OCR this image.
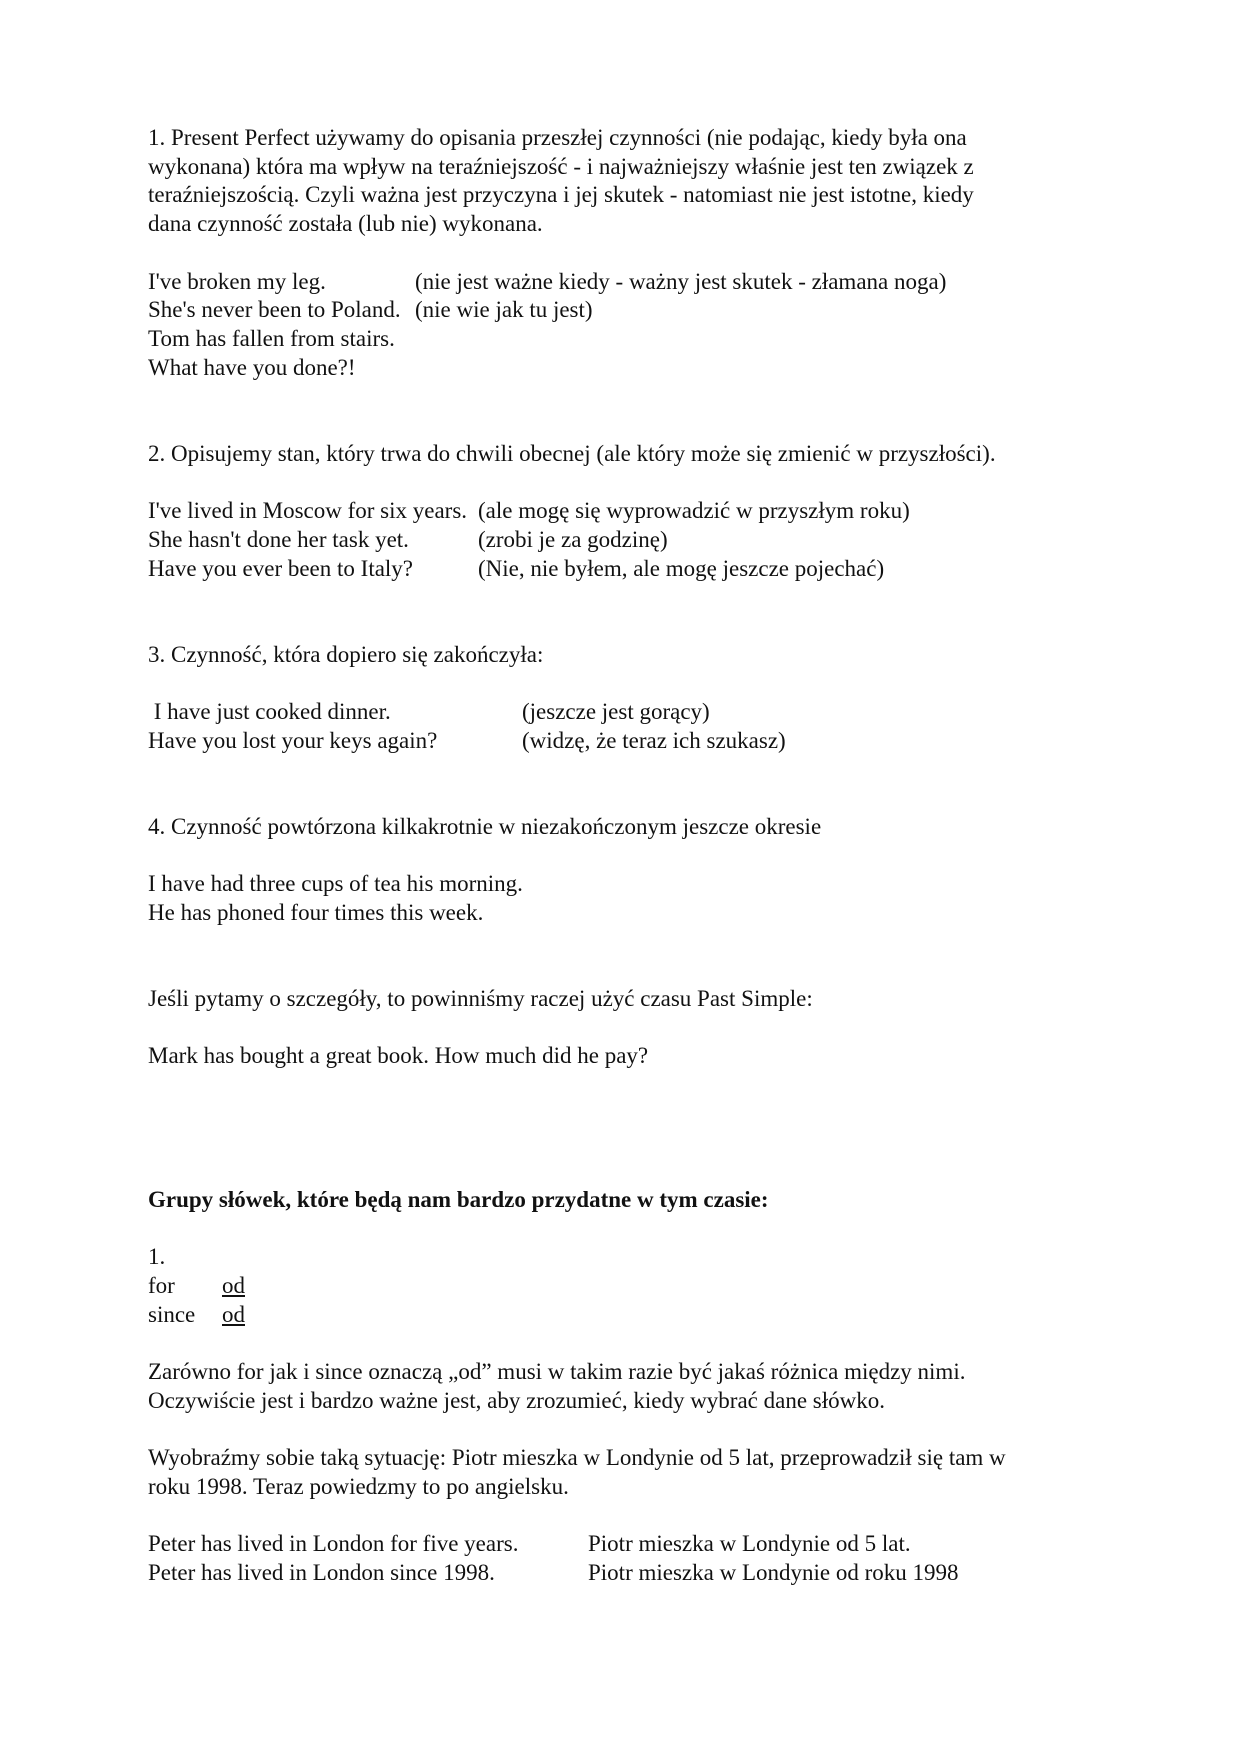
1. Present Perfect używamy do opisania przeszłej czynności (nie podając, kiedy była ona

wykonana) która ma wpływ na teraźniejszość - i najważniejszy właśnie jest ten związek z

teraźniejszością. Czyli ważna jest przyczyna i jej skutek - natomiast nie jest istotne, kiedy

dana czynność została (lub nie) wykonana.

I've broken my leg.	(nie jest ważne kiedy - ważny jest skutek - złamana noga)
She's never been to Poland. (nie wie jak tu jest)
Tom has fallen from stairs.
What have you done?!

2. Opisujemy stan, który trwa do chwili obecnej (ale który może się zmienić w przyszłości).

I've lived in Moscow for six years. (ale mogę się wyprowadzić w przyszłym roku)
She hasn't done her task yet.	(zrobi je za godzinę)
Have you ever been to Italy?	(Nie, nie byłem, ale mogę jeszcze pojechać)

3. Czynność, która dopiero się zakończyła:

I have just cooked dinner.	(jeszcze jest gorący)
Have you lost your keys again?	(widzę, że teraz ich szukasz)

4. Czynność powtórzona kilkakrotnie w niezakończonym jeszcze okresie

I have had three cups of tea his morning.

He has phoned four times this week.

Jeśli pytamy o szczegóły, to powinniśmy raczej użyć czasu Past Simple:

Mark has bought a great book. How much did he pay?

Grupy słówek, które będą nam bardzo przydatne w tym czasie:

1.

for od

since od

Zarówno for jak i since oznaczą „od” musi w takim razie być jakaś różnica między nimi.

Oczywiście jest i bardzo ważne jest, aby zrozumieć, kiedy wybrać dane słówko.

Wyobraźmy sobie taką sytuację: Piotr mieszka w Londynie od 5 lat, przeprowadził się tam w

roku 1998. Teraz powiedzmy to po angielsku.

Peter has lived in London for five years.	Piotr mieszka w Londynie od 5 lat.
Peter has lived in London since 1998.	Piotr mieszka w Londynie od roku 1998
